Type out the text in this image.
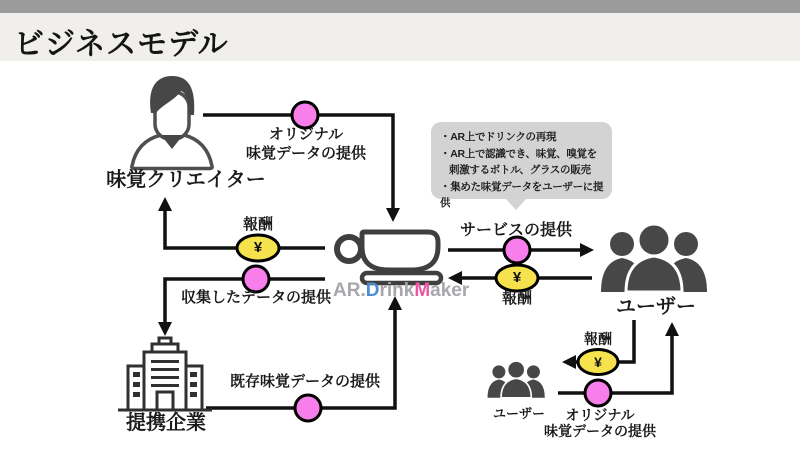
ビジネスモデル
・AR上でドリンクの再現
・AR上で認識でき、味覚、嗅覚を
刺激するボトル、グラスの販売
・集めた味覚データをユーザーに提供
味覚クリエイター
提携企業
ユーザー
ユーザー
オリジナル
味覚データの提供
報酬
収集したデータの提供
既存味覚データの提供
サービスの提供
報酬
報酬
オリジナル
味覚データの提供
¥
¥
¥
AR.DrinkMaker
